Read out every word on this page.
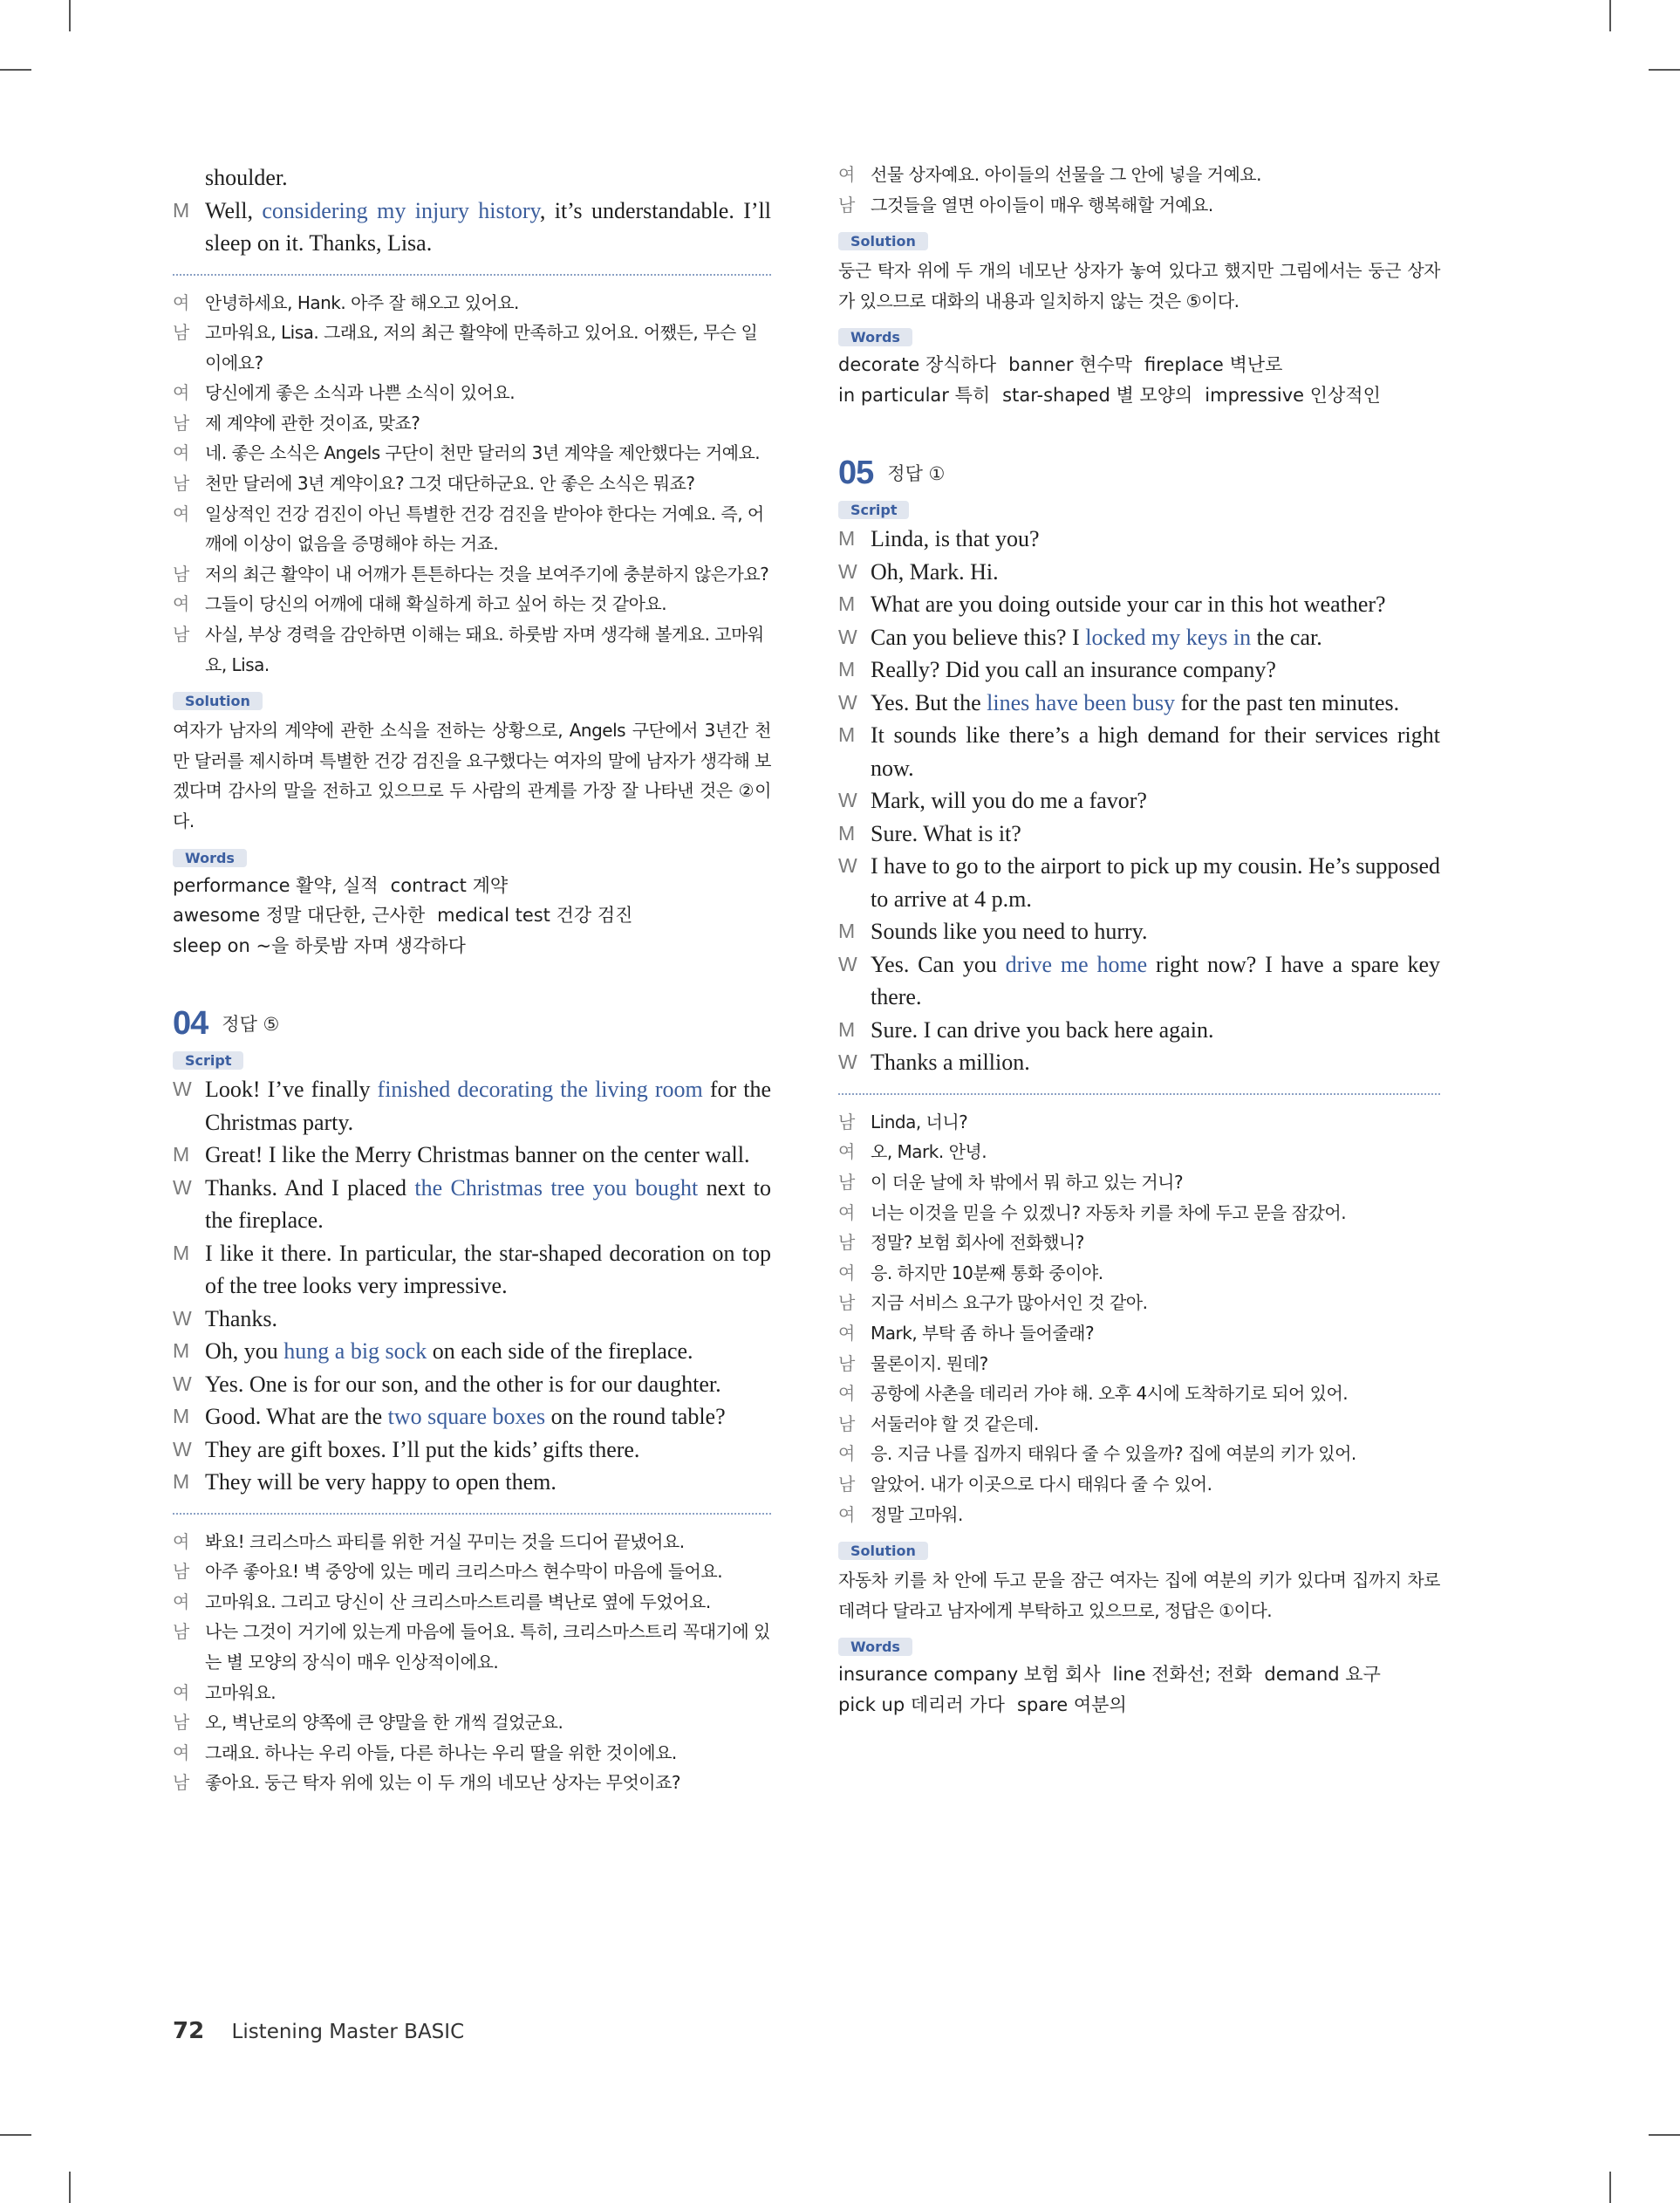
shoulder.
M Well, considering my injury history, it’s understandable. I’ll sleep on it. Thanks, Lisa.
여 안녕하세요, Hank. 아주 잘 해오고 있어요.
남 고마워요, Lisa. 그래요, 저의 최근 활약에 만족하고 있어요. 어쨌든, 무슨 일이에요?
여 당신에게 좋은 소식과 나쁜 소식이 있어요.
남 제 계약에 관한 것이죠, 맞죠?
여 네. 좋은 소식은 Angels 구단이 천만 달러의 3년 계약을 제안했다는 거예요.
남 천만 달러에 3년 계약이요? 그것 대단하군요. 안 좋은 소식은 뭐죠?
여 일상적인 건강 검진이 아닌 특별한 건강 검진을 받아야 한다는 거예요. 즉, 어깨에 이상이 없음을 증명해야 하는 거죠.
남 저의 최근 활약이 내 어깨가 튼튼하다는 것을 보여주기에 충분하지 않은가요?
여 그들이 당신의 어깨에 대해 확실하게 하고 싶어 하는 것 같아요.
남 사실, 부상 경력을 감안하면 이해는 돼요. 하룻밤 자며 생각해 볼게요. 고마워요, Lisa.
Solution
여자가 남자의 계약에 관한 소식을 전하는 상황으로, Angels 구단에서 3년간 천만 달러를 제시하며 특별한 건강 검진을 요구했다는 여자의 말에 남자가 생각해 보겠다며 감사의 말을 전하고 있으므로 두 사람의 관계를 가장 잘 나타낸 것은 ②이다.
Words
performance 활약, 실적 contract 계약
awesome 정말 대단한, 근사한 medical test 건강 검진
sleep on ~을 하룻밤 자며 생각하다
04 정답 ⑤
Script
W Look! I’ve finally finished decorating the living room for the Christmas party.
M Great! I like the Merry Christmas banner on the center wall.
W Thanks. And I placed the Christmas tree you bought next to the fireplace.
M I like it there. In particular, the star-shaped decoration on top of the tree looks very impressive.
W Thanks.
M Oh, you hung a big sock on each side of the fireplace.
W Yes. One is for our son, and the other is for our daughter.
M Good. What are the two square boxes on the round table?
W They are gift boxes. I’ll put the kids’ gifts there.
M They will be very happy to open them.
여 봐요! 크리스마스 파티를 위한 거실 꾸미는 것을 드디어 끝냈어요.
남 아주 좋아요! 벽 중앙에 있는 메리 크리스마스 현수막이 마음에 들어요.
여 고마워요. 그리고 당신이 산 크리스마스트리를 벽난로 옆에 두었어요.
남 나는 그것이 거기에 있는게 마음에 들어요. 특히, 크리스마스트리 꼭대기에 있는 별 모양의 장식이 매우 인상적이에요.
여 고마워요.
남 오, 벽난로의 양쪽에 큰 양말을 한 개씩 걸었군요.
여 그래요. 하나는 우리 아들, 다른 하나는 우리 딸을 위한 것이에요.
남 좋아요. 둥근 탁자 위에 있는 이 두 개의 네모난 상자는 무엇이죠?
여 선물 상자예요. 아이들의 선물을 그 안에 넣을 거예요.
남 그것들을 열면 아이들이 매우 행복해할 거예요.
Solution
둥근 탁자 위에 두 개의 네모난 상자가 놓여 있다고 했지만 그림에서는 둥근 상자가 있으므로 대화의 내용과 일치하지 않는 것은 ⑤이다.
Words
decorate 장식하다 banner 현수막 fireplace 벽난로
in particular 특히 star-shaped 별 모양의 impressive 인상적인
05 정답 ①
Script
M Linda, is that you?
W Oh, Mark. Hi.
M What are you doing outside your car in this hot weather?
W Can you believe this? I locked my keys in the car.
M Really? Did you call an insurance company?
W Yes. But the lines have been busy for the past ten minutes.
M It sounds like there’s a high demand for their services right now.
W Mark, will you do me a favor?
M Sure. What is it?
W I have to go to the airport to pick up my cousin. He’s supposed to arrive at 4 p.m.
M Sounds like you need to hurry.
W Yes. Can you drive me home right now? I have a spare key there.
M Sure. I can drive you back here again.
W Thanks a million.
남 Linda, 너니?
여 오, Mark. 안녕.
남 이 더운 날에 차 밖에서 뭐 하고 있는 거니?
여 너는 이것을 믿을 수 있겠니? 자동차 키를 차에 두고 문을 잠갔어.
남 정말? 보험 회사에 전화했니?
여 응. 하지만 10분째 통화 중이야.
남 지금 서비스 요구가 많아서인 것 같아.
여 Mark, 부탁 좀 하나 들어줄래?
남 물론이지. 뭔데?
여 공항에 사촌을 데리러 가야 해. 오후 4시에 도착하기로 되어 있어.
남 서둘러야 할 것 같은데.
여 응. 지금 나를 집까지 태워다 줄 수 있을까? 집에 여분의 키가 있어.
남 알았어. 내가 이곳으로 다시 태워다 줄 수 있어.
여 정말 고마워.
Solution
자동차 키를 차 안에 두고 문을 잠근 여자는 집에 여분의 키가 있다며 집까지 차로 데려다 달라고 남자에게 부탁하고 있으므로, 정답은 ①이다.
Words
insurance company 보험 회사 line 전화선; 전화 demand 요구
pick up 데리러 가다 spare 여분의
72 Listening Master BASIC
